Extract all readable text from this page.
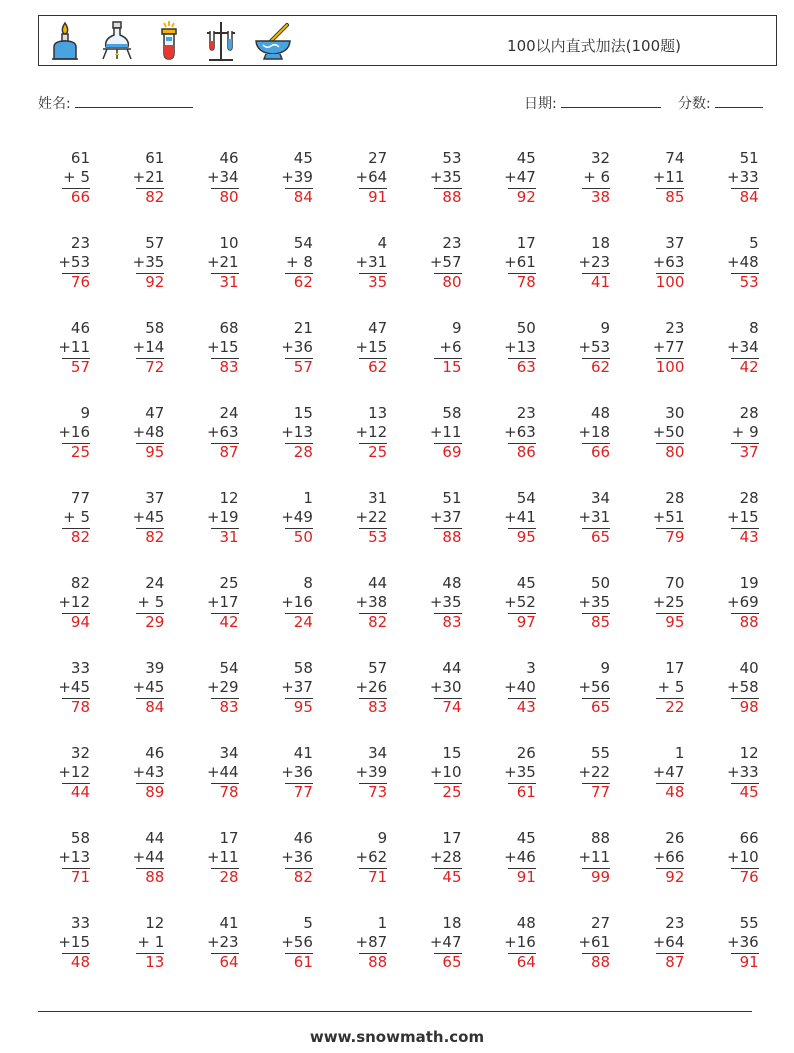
100以内直式加法(100题)
姓名:	日期:	分数:
61
+ 5
66
61
+21
82
46
+34
80
45
+39
84
27
+64
91
53
+35
88
45
+47
92
32
+ 6
38
74
+11
85
51
+33
84
23
+53
76
57
+35
92
10
+21
31
54
+ 8
62
4
+31
35
23
+57
80
17
+61
78
18
+23
41
37
+63
100
5
+48
53
46
+11
57
58
+14
72
68
+15
83
21
+36
57
47
+15
62
9
+6
15
50
+13
63
9
+53
62
23
+77
100
8
+34
42
9
+16
25
47
+48
95
24
+63
87
15
+13
28
13
+12
25
58
+11
69
23
+63
86
48
+18
66
30
+50
80
28
+ 9
37
77
+ 5
82
37
+45
82
12
+19
31
1
+49
50
31
+22
53
51
+37
88
54
+41
95
34
+31
65
28
+51
79
28
+15
43
82
+12
94
24
+ 5
29
25
+17
42
8
+16
24
44
+38
82
48
+35
83
45
+52
97
50
+35
85
70
+25
95
19
+69
88
33
+45
78
39
+45
84
54
+29
83
58
+37
95
57
+26
83
44
+30
74
3
+40
43
9
+56
65
17
+ 5
22
40
+58
98
32
+12
44
46
+43
89
34
+44
78
41
+36
77
34
+39
73
15
+10
25
26
+35
61
55
+22
77
1
+47
48
12
+33
45
58
+13
71
44
+44
88
17
+11
28
46
+36
82
9
+62
71
17
+28
45
45
+46
91
88
+11
99
26
+66
92
66
+10
76
33
+15
48
12
+ 1
13
41
+23
64
5
+56
61
1
+87
88
18
+47
65
48
+16
64
27
+61
88
23
+64
87
55
+36
91
www.snowmath.com
